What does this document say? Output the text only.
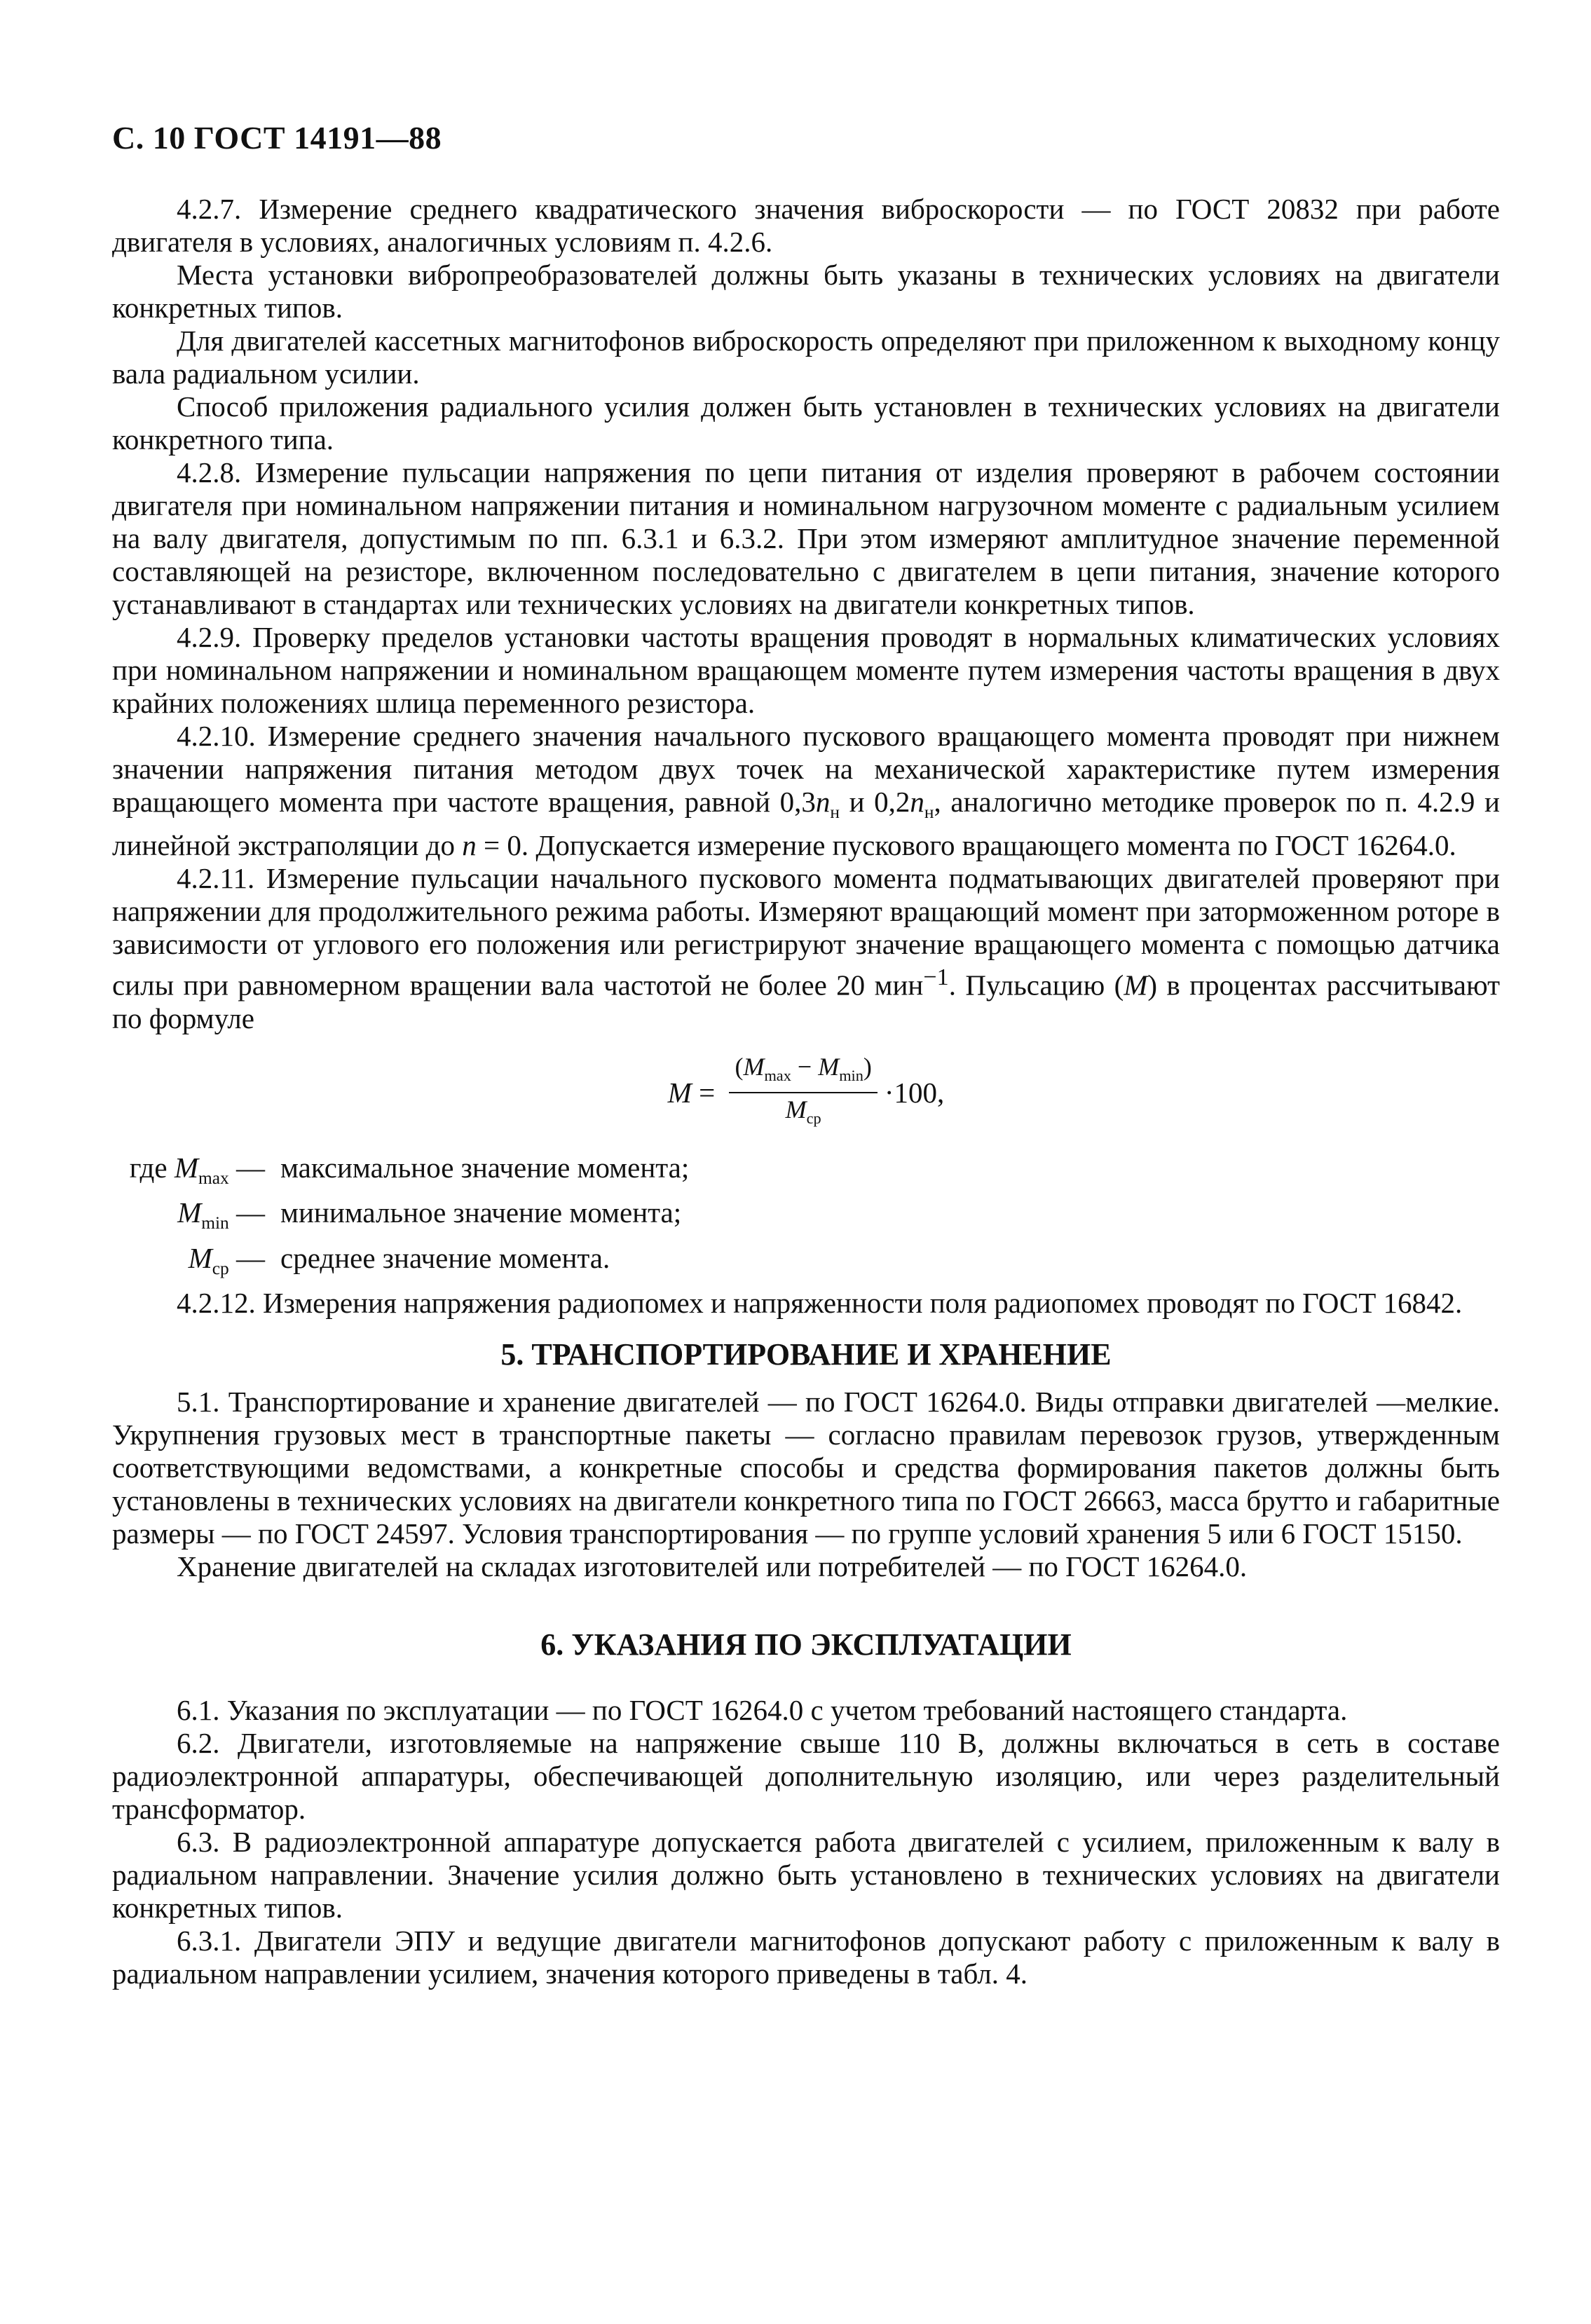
С. 10 ГОСТ 14191—88

4.2.7. Измерение среднего квадратического значения виброскорости — по ГОСТ 20832 при работе двигателя в условиях, аналогичных условиям п. 4.2.6.

Места установки вибропреобразователей должны быть указаны в технических условиях на двигатели конкретных типов.

Для двигателей кассетных магнитофонов виброскорость определяют при приложенном к выходному концу вала радиальном усилии.

Способ приложения радиального усилия должен быть установлен в технических условиях на двигатели конкретного типа.

4.2.8. Измерение пульсации напряжения по цепи питания от изделия проверяют в рабочем состоянии двигателя при номинальном напряжении питания и номинальном нагрузочном моменте с радиальным усилием на валу двигателя, допустимым по пп. 6.3.1 и 6.3.2. При этом измеряют амплитудное значение переменной составляющей на резисторе, включенном последовательно с двигателем в цепи питания, значение которого устанавливают в стандартах или технических условиях на двигатели конкретных типов.

4.2.9. Проверку пределов установки частоты вращения проводят в нормальных климатических условиях при номинальном напряжении и номинальном вращающем моменте путем измерения частоты вращения в двух крайних положениях шлица переменного резистора.

4.2.10. Измерение среднего значения начального пускового вращающего момента проводят при нижнем значении напряжения питания методом двух точек на механической характеристике путем измерения вращающего момента при частоте вращения, равной $0,3n_н$ и $0,2n_н$, аналогично методике проверок по п. 4.2.9 и линейной экстраполяции до n = 0. Допускается измерение пускового вращающего момента по ГОСТ 16264.0.

4.2.11. Измерение пульсации начального пускового момента подматывающих двигателей проверяют при напряжении для продолжительного режима работы. Измеряют вращающий момент при заторможенном роторе в зависимости от углового его положения или регистрируют значение вращающего момента с помощью датчика силы при равномерном вращении вала частотой не более 20 мин$^{-1}$. Пульсацию (M) в процентах рассчитывают по формуле

$M = \frac{(M_{max} - M_{min})}{M_{ср}} \cdot 100$,
где $M_{max}$ — максимальное значение момента;
$M_{min}$ — минимальное значение момента;
$M_{ср}$ — среднее значение момента.

4.2.12. Измерения напряжения радиопомех и напряженности поля радиопомех проводят по ГОСТ 16842.

5. ТРАНСПОРТИРОВАНИЕ И ХРАНЕНИЕ

5.1. Транспортирование и хранение двигателей — по ГОСТ 16264.0. Виды отправки двигателей —мелкие. Укрупнения грузовых мест в транспортные пакеты — согласно правилам перевозок грузов, утвержденным соответствующими ведомствами, а конкретные способы и средства формирования пакетов должны быть установлены в технических условиях на двигатели конкретного типа по ГОСТ 26663, масса брутто и габаритные размеры — по ГОСТ 24597. Условия транспортирования — по группе условий хранения 5 или 6 ГОСТ 15150.

Хранение двигателей на складах изготовителей или потребителей — по ГОСТ 16264.0.

6. УКАЗАНИЯ ПО ЭКСПЛУАТАЦИИ

6.1. Указания по эксплуатации — по ГОСТ 16264.0 с учетом требований настоящего стандарта.

6.2. Двигатели, изготовляемые на напряжение свыше 110 В, должны включаться в сеть в составе радиоэлектронной аппаратуры, обеспечивающей дополнительную изоляцию, или через разделительный трансформатор.

6.3. В радиоэлектронной аппаратуре допускается работа двигателей с усилием, приложенным к валу в радиальном направлении. Значение усилия должно быть установлено в технических условиях на двигатели конкретных типов.

6.3.1. Двигатели ЭПУ и ведущие двигатели магнитофонов допускают работу с приложенным к валу в радиальном направлении усилием, значения которого приведены в табл. 4.
